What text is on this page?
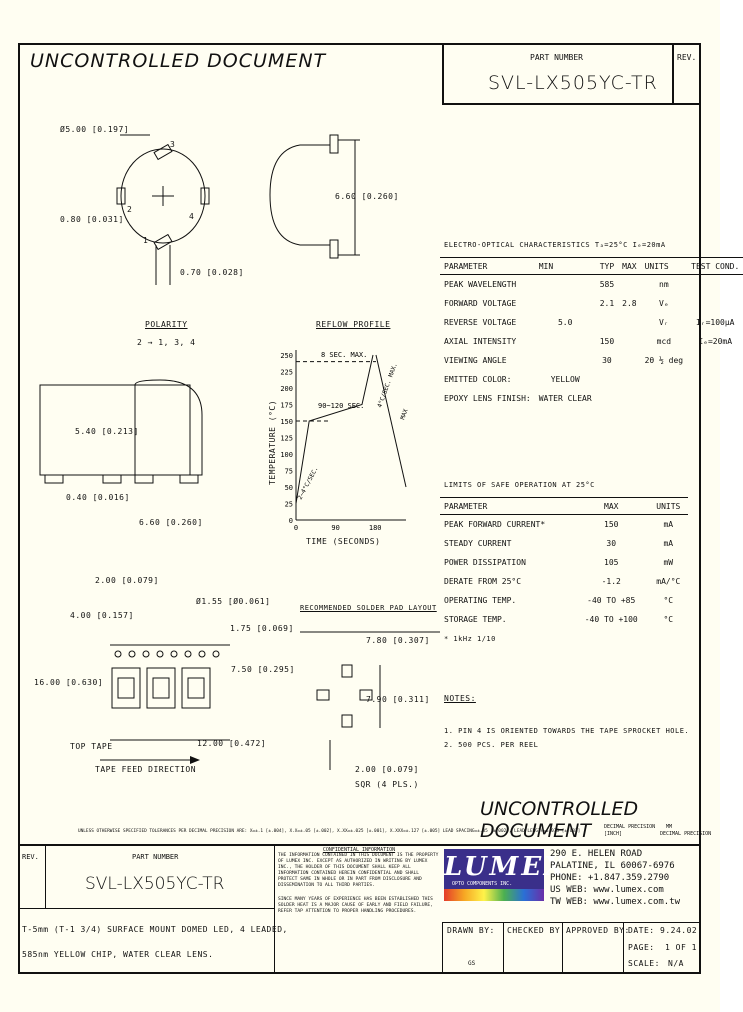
UNCONTROLLED DOCUMENT	PART NUMBER	REV.
SVL-LX505YC-TR
Ø5.00 [0.197]
0.80 [0.031]
0.70 [0.028]
1
2
3
4
6.60 [0.260]
POLARITY
2 → 1, 3, 4
5.40 [0.213]
0.40 [0.016]
6.60 [0.260]
REFLOW PROFILE
250
225
200
175
150
125
100
75
50
25
0
0	90	180
8 SEC. MAX.
90~120 SEC.
2~4°C/SEC.
4°C/SEC. MAX.
MAX
TIME (SECONDS)
TEMPERATURE (°C)
2.00 [0.079]
4.00 [0.157]
Ø1.55 [Ø0.061]
1.75 [0.069]
7.50 [0.295]
16.00 [0.630]
12.00 [0.472]
TOP TAPE
TAPE FEED DIRECTION
RECOMMENDED SOLDER PAD LAYOUT
7.80 [0.307]
7.90 [0.311]
2.00 [0.079]
SQR (4 PLS.)
ELECTRO-OPTICAL CHARACTERISTICS Tₐ=25°C Iₑ=20mA
PARAMETER	MIN	TYP	MAX	UNITS	TEST COND.
PEAK WAVELENGTH		585		nm	
FORWARD VOLTAGE		2.1	2.8	Vₑ	
REVERSE VOLTAGE	5.0			Vᵣ	Iᵣ=100µA
AXIAL INTENSITY		150		mcd	Iₑ=20mA
VIEWING ANGLE		30		2θ ½ deg	
EMITTED COLOR:	YELLOW				
EPOXY LENS FINISH:	WATER CLEAR				
LIMITS OF SAFE OPERATION AT 25°C
PARAMETER	MAX	UNITS
PEAK FORWARD CURRENT*	150	mA
STEADY CURRENT	30	mA
POWER DISSIPATION	105	mW
DERATE FROM 25°C	-1.2	mA/°C
OPERATING TEMP.	-40 TO +85	°C
STORAGE TEMP.	-40 TO +100	°C
* 1kHz 1/10
NOTES:
1. PIN 4 IS ORIENTED TOWARDS THE TAPE SPROCKET HOLE.
2. 500 PCS. PER REEL
UNCONTROLLED DOCUMENT
UNLESS OTHERWISE SPECIFIED TOLERANCES PER DECIMAL PRECISION ARE: X=±.1 [±.004], X.X=±.05 [±.002], X.XX=±.025 [±.001], X.XXX=±.127 [±.005] LEAD SPACING=±.05 [±.002], LEAD LENGTH=±.075 [±.003]
DECIMAL PRECISION MM
[INCH]	DECIMAL PRECISION
REV.	PART NUMBER
SVL-LX505YC-TR
T-5mm (T-1 3/4) SURFACE MOUNT DOMED LED, 4 LEADED,
585nm YELLOW CHIP, WATER CLEAR LENS.
CONFIDENTIAL INFORMATION
THE INFORMATION CONTAINED IN THIS DOCUMENT IS THE PROPERTY OF LUMEX INC. EXCEPT AS AUTHORIZED IN WRITING BY LUMEX INC., THE HOLDER OF THIS DOCUMENT SHALL KEEP ALL INFORMATION CONTAINED HEREIN CONFIDENTIAL AND SHALL PROTECT SAME IN WHOLE OR IN PART FROM DISCLOSURE AND DISSEMINATION TO ALL THIRD PARTIES.
SINCE MANY YEARS OF EXPERIENCE HAS BEEN ESTABLISHED THIS SOLDER HEAT IS A MAJOR CAUSE OF EARLY AND FIELD FAILURE, REFER TAP ATTENTION TO PROPER HANDLING PROCEDURES.
LUMEX
OPTO COMPONENTS INC.
290 E. HELEN ROAD
PALATINE, IL 60067-6976
PHONE: +1.847.359.2790
US WEB: www.lumex.com
TW WEB: www.lumex.com.tw
DRAWN BY:
GS
CHECKED BY: APPROVED BY:
DATE: 9.24.02
PAGE: 1 OF 1
SCALE: N/A
